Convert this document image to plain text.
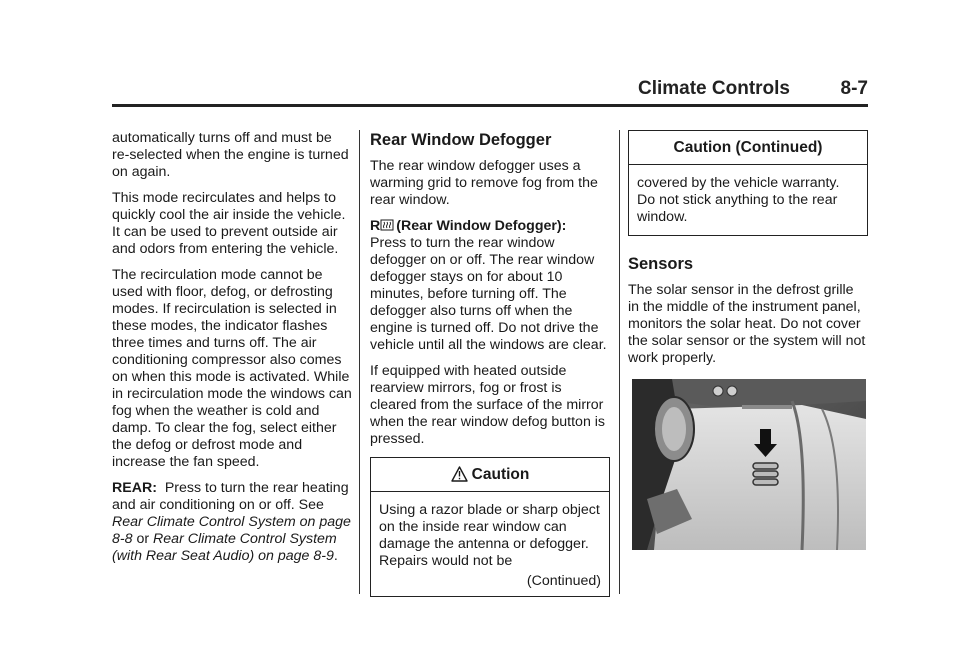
Climate Controls	8-7

automatically turns off and must be re-selected when the engine is turned on again.

This mode recirculates and helps to quickly cool the air inside the vehicle. It can be used to prevent outside air and odors from entering the vehicle.

The recirculation mode cannot be used with floor, defog, or defrosting modes. If recirculation is selected in these modes, the indicator flashes three times and turns off. The air conditioning compressor also comes on when this mode is activated. While in recirculation mode the windows can fog when the weather is cold and damp. To clear the fog, select either the defog or defrost mode and increase the fan speed.

REAR: Press to turn the rear heating and air conditioning on or off. See Rear Climate Control System on page 8-8 or Rear Climate Control System (with Rear Seat Audio) on page 8-9.

Rear Window Defogger

The rear window defogger uses a warming grid to remove fog from the rear window.

R (Rear Window Defogger):

Press to turn the rear window defogger on or off. The rear window defogger stays on for about 10 minutes, before turning off. The defogger also turns off when the engine is turned off. Do not drive the vehicle until all the windows are clear.

If equipped with heated outside rearview mirrors, fog or frost is cleared from the surface of the mirror when the rear window defog button is pressed.

Caution

Using a razor blade or sharp object on the inside rear window can damage the antenna or defogger. Repairs would not be

(Continued)
Caution (Continued)

covered by the vehicle warranty. Do not stick anything to the rear window.

Sensors

The solar sensor in the defrost grille in the middle of the instrument panel, monitors the solar heat. Do not cover the solar sensor or the system will not work properly.
